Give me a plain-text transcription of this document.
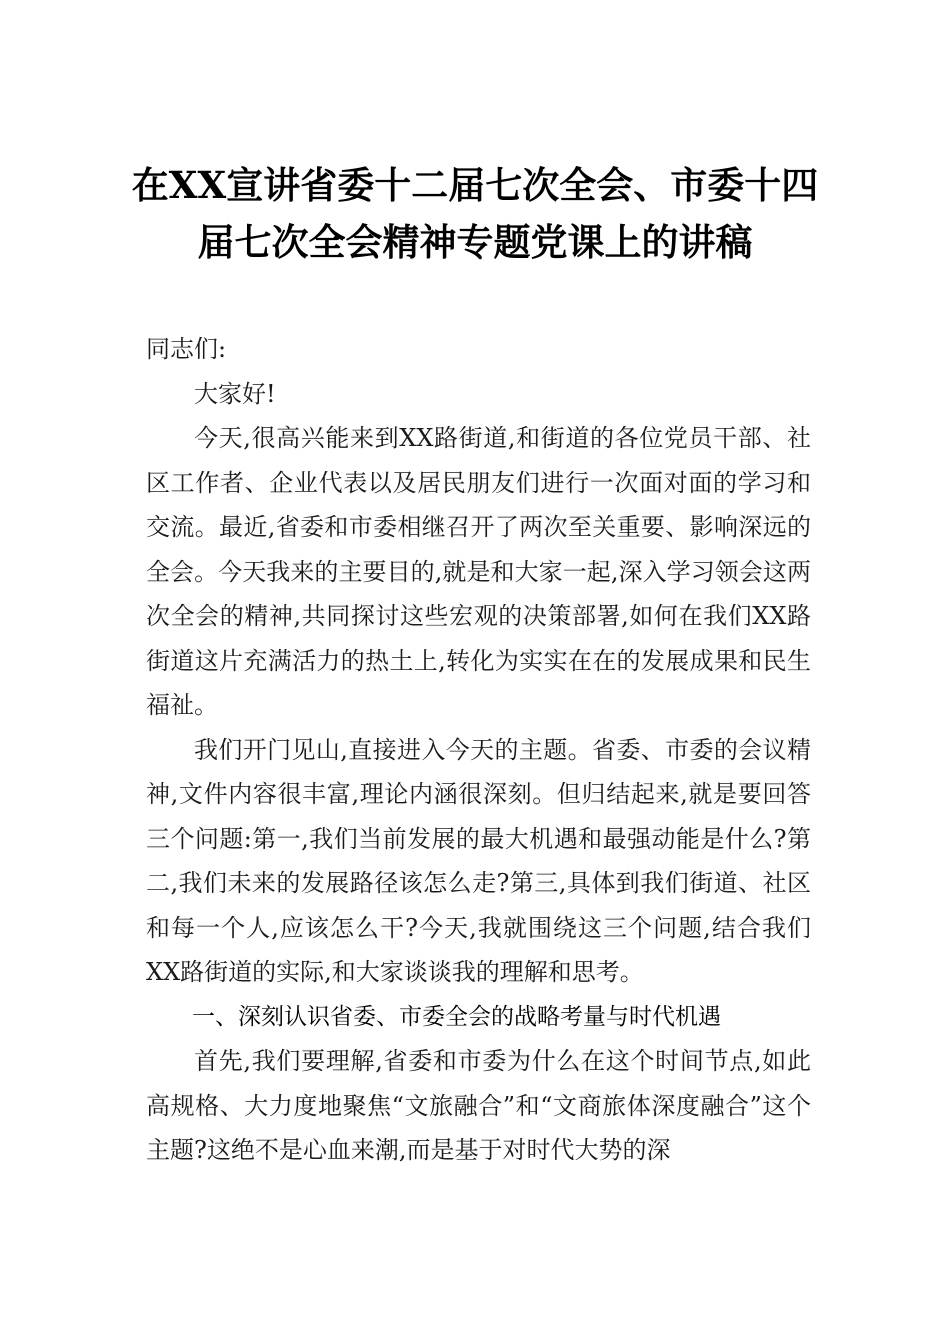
在XX宣讲省委十二届七次全会、市委十四
届七次全会精神专题党课上的讲稿

同志们:

大家好!

今天,很高兴能来到XX路街道,和街道的各位党员干部、社区工作者、企业代表以及居民朋友们进行一次面对面的学习和交流。最近,省委和市委相继召开了两次至关重要、影响深远的全会。今天我来的主要目的,就是和大家一起,深入学习领会这两次全会的精神,共同探讨这些宏观的决策部署,如何在我们XX路街道这片充满活力的热土上,转化为实实在在的发展成果和民生福祉。

我们开门见山,直接进入今天的主题。省委、市委的会议精神,文件内容很丰富,理论内涵很深刻。但归结起来,就是要回答三个问题:第一,我们当前发展的最大机遇和最强动能是什么?第二,我们未来的发展路径该怎么走?第三,具体到我们街道、社区和每一个人,应该怎么干?今天,我就围绕这三个问题,结合我们XX路街道的实际,和大家谈谈我的理解和思考。

一、深刻认识省委、市委全会的战略考量与时代机遇

首先,我们要理解,省委和市委为什么在这个时间节点,如此高规格、大力度地聚焦“文旅融合”和“文商旅体深度融合”这个主题?这绝不是心血来潮,而是基于对时代大势的深
